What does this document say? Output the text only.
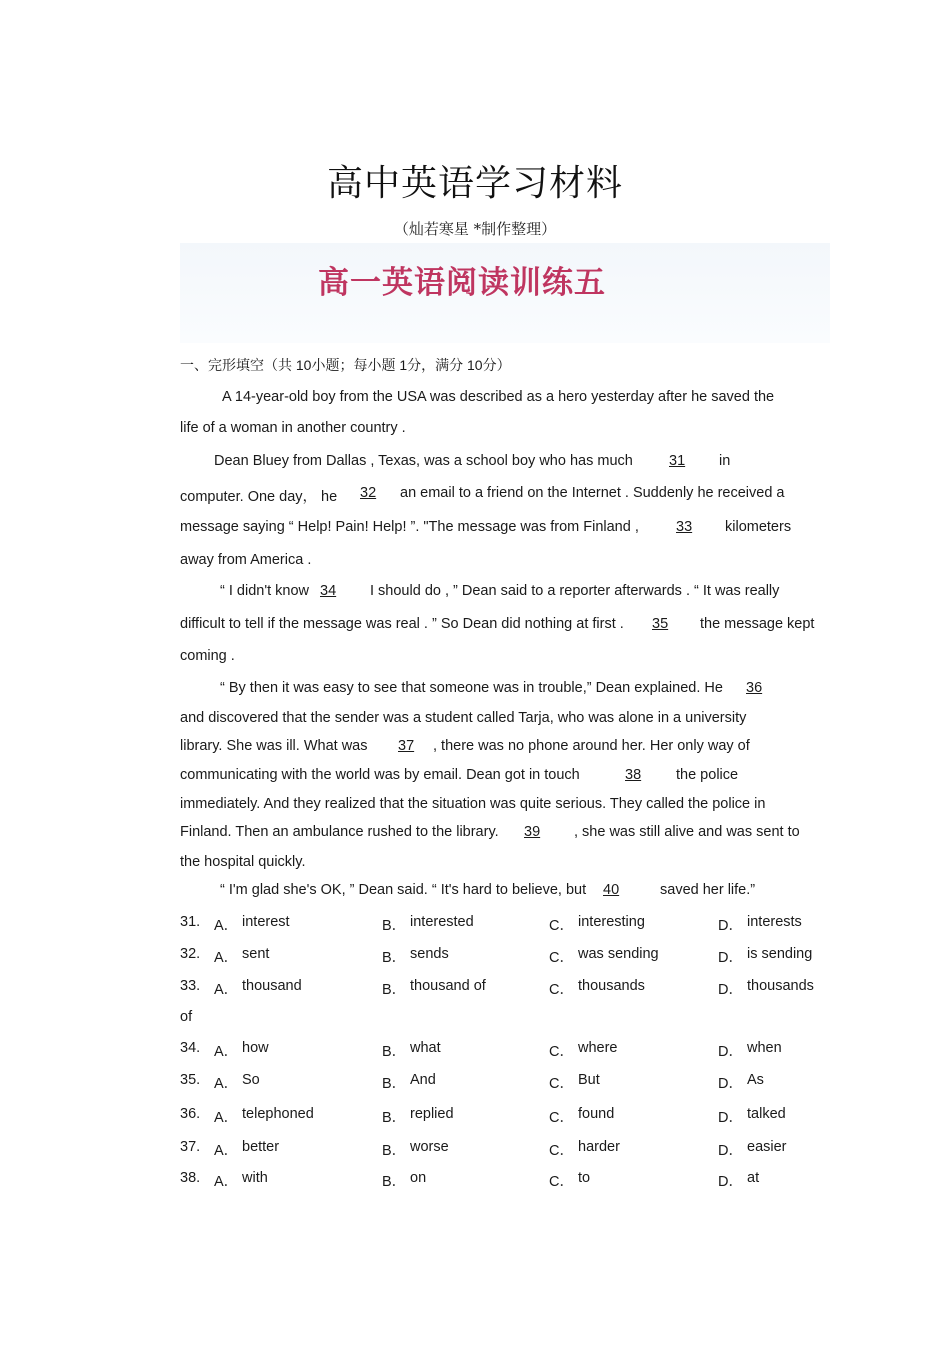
高中英语学习材料
（灿若寒星 *制作整理）
高一英语阅读训练五
一、完形填空（共 10小题；每小题 1分，满分 10分）
A 14-year-old boy from the USA was described as a hero yesterday after he saved the
life of a woman in another country .
Dean Bluey from Dallas , Texas, was a school boy who has much 31 in
computer. One day， he 32 an email to a friend on the Internet . Suddenly he received a
message saying “ Help! Pain! Help! ”. "The message was from Finland ,	33 kilometers
away from America .
“ I didn't know 34 I should do , ” Dean said to a reporter afterwards . “ It was really
difficult to tell if the message was real . ” So Dean did nothing at first . 35 the message kept
coming .
“ By then it was easy to see that someone was in trouble,” Dean explained. He 36
and discovered that the sender was a student called Tarja, who was alone in a university
library. She was ill. What was 37 , there was no phone around her. Her only way of
communicating with the world was by email. Dean got in touch	38 the police
immediately. And they realized that the situation was quite serious. They called the police in
Finland. Then an ambulance rushed to the library. 39 , she was still alive and was sent to
the hospital quickly.
“ I'm glad she's OK, ” Dean said. “ It's hard to believe, but 40	saved her life.”
31. A． interest	B． interested	C． interesting	D． interests
32. A． sent	B． sends	C． was sending	D． is sending
33. A． thousand	B． thousand of	C． thousands	D． thousands
of
34. A． how	B． what	C． where	D． when
35. A． So	B． And	C． But	D． As
36. A． telephoned	B． replied	C． found	D． talked
37. A． better	B． worse	C． harder	D． easier
38. A． with	B． on	C． to	D． at
